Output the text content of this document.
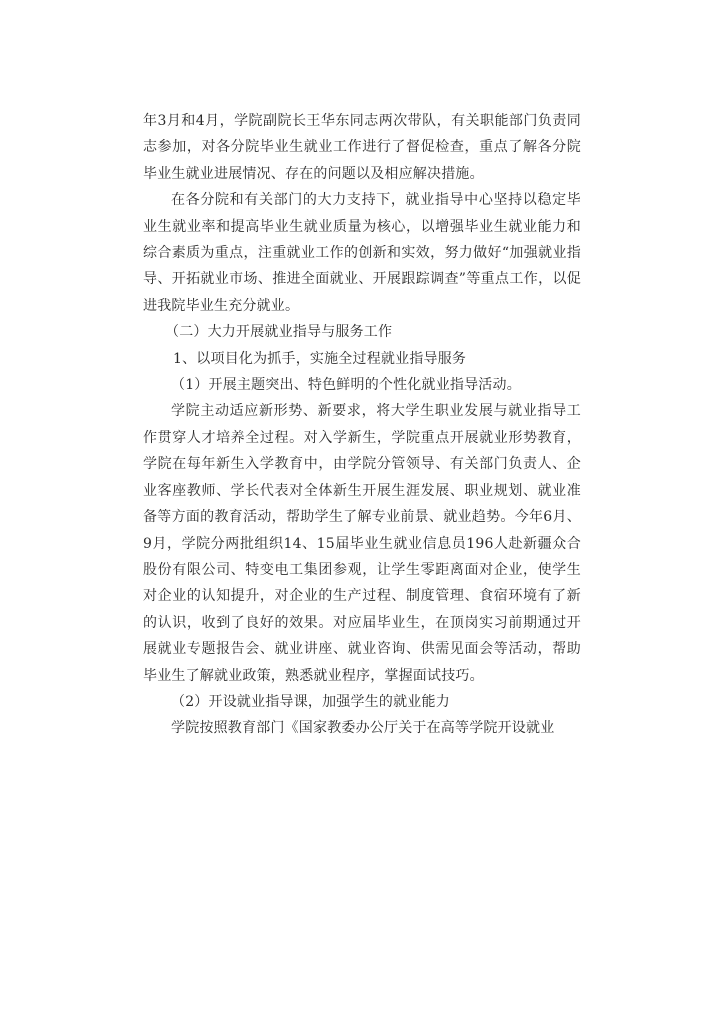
年3月和4月，学院副院长王华东同志两次带队，有关职能部门负责同志参加，对各分院毕业生就业工作进行了督促检查，重点了解各分院毕业生就业进展情况、存在的问题以及相应解决措施。

在各分院和有关部门的大力支持下，就业指导中心坚持以稳定毕业生就业率和提高毕业生就业质量为核心，以增强毕业生就业能力和综合素质为重点，注重就业工作的创新和实效，努力做好“加强就业指导、开拓就业市场、推进全面就业、开展跟踪调查”等重点工作，以促进我院毕业生充分就业。

（二）大力开展就业指导与服务工作

1、以项目化为抓手，实施全过程就业指导服务

（1）开展主题突出、特色鲜明的个性化就业指导活动。

学院主动适应新形势、新要求，将大学生职业发展与就业指导工作贯穿人才培养全过程。对入学新生，学院重点开展就业形势教育，学院在每年新生入学教育中，由学院分管领导、有关部门负责人、企业客座教师、学长代表对全体新生开展生涯发展、职业规划、就业准备等方面的教育活动，帮助学生了解专业前景、就业趋势。今年6月、9月，学院分两批组织14、15届毕业生就业信息员196人赴新疆众合股份有限公司、特变电工集团参观，让学生零距离面对企业，使学生对企业的认知提升，对企业的生产过程、制度管理、食宿环境有了新的认识，收到了良好的效果。对应届毕业生，在顶岗实习前期通过开展就业专题报告会、就业讲座、就业咨询、供需见面会等活动，帮助毕业生了解就业政策，熟悉就业程序，掌握面试技巧。

（2）开设就业指导课，加强学生的就业能力

学院按照教育部门《国家教委办公厅关于在高等学院开设就业
